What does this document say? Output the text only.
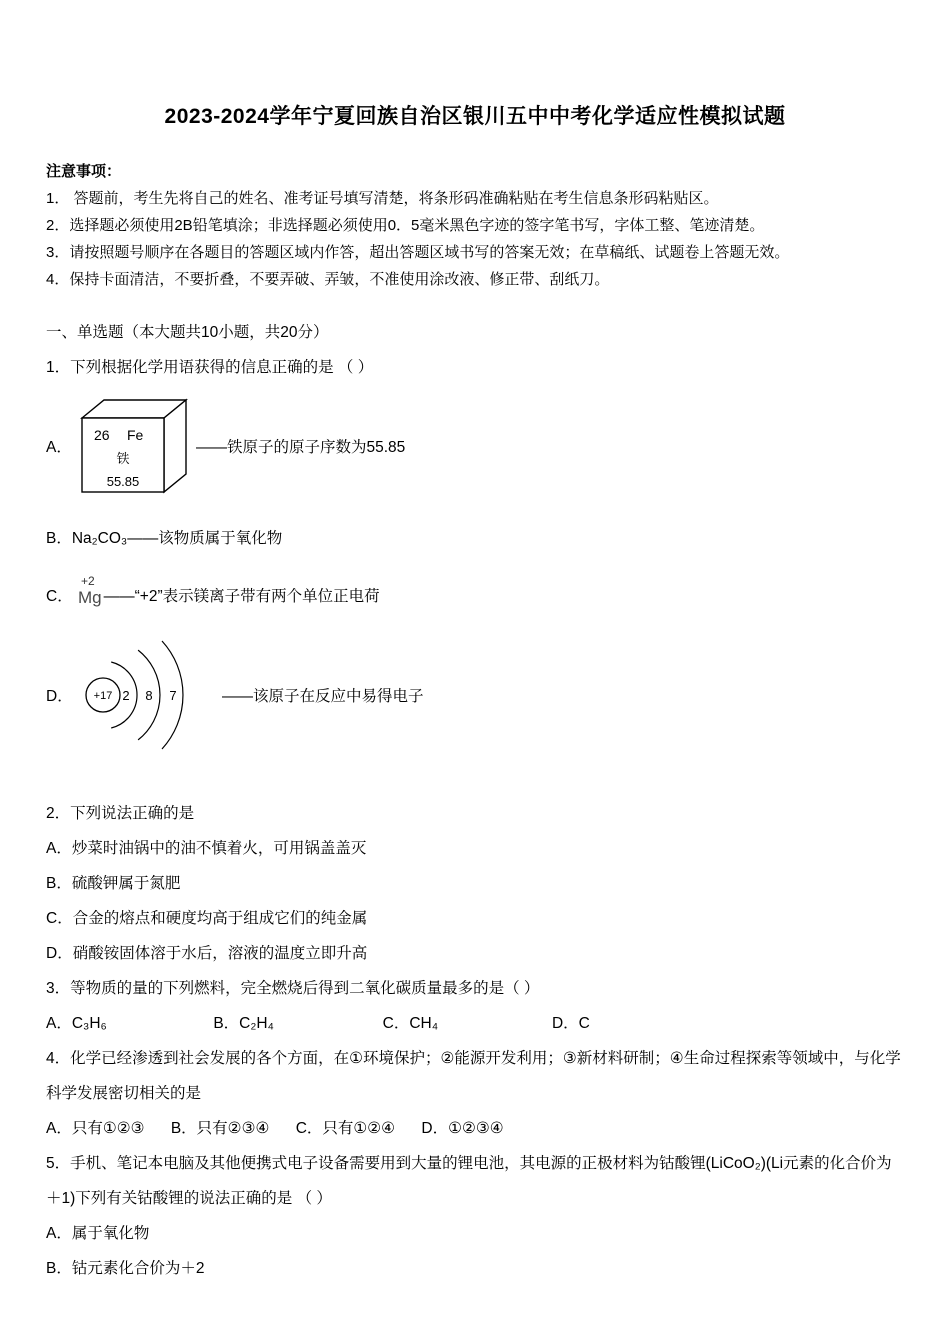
2023-2024学年宁夏回族自治区银川五中中考化学适应性模拟试题
注意事项：
1． 答题前，考生先将自己的姓名、准考证号填写清楚，将条形码准确粘贴在考生信息条形码粘贴区。
2．选择题必须使用2B铅笔填涂；非选择题必须使用0．5毫米黑色字迹的签字笔书写，字体工整、笔迹清楚。
3．请按照题号顺序在各题目的答题区域内作答，超出答题区域书写的答案无效；在草稿纸、试题卷上答题无效。
4．保持卡面清洁，不要折叠，不要弄破、弄皱，不准使用涂改液、修正带、刮纸刀。
一、单选题（本大题共10小题，共20分）
1．下列根据化学用语获得的信息正确的是 （ ）
A．
26 Fe
铁
55.85
——铁原子的原子序数为55.85
B．Na₂CO₃——该物质属于氧化物
C．
+2
Mg ——“+2”表示镁离子带有两个单位正电荷
D．	+17 2 8 7	——该原子在反应中易得电子
2．下列说法正确的是
A．炒菜时油锅中的油不慎着火，可用锅盖盖灭
B．硫酸钾属于氮肥
C．合金的熔点和硬度均高于组成它们的纯金属
D．硝酸铵固体溶于水后，溶液的温度立即升高
3．等物质的量的下列燃料，完全燃烧后得到二氧化碳质量最多的是（ ）
A．C₃H₆	B．C₂H₄	C．CH₄	D．C
4．化学已经渗透到社会发展的各个方面，在①环境保护；②能源开发利用；③新材料研制；④生命过程探索等领域中，与化学科学发展密切相关的是
A．只有①②③ B．只有②③④ C．只有①②④ D．①②③④
5．手机、笔记本电脑及其他便携式电子设备需要用到大量的锂电池，其电源的正极材料为钴酸锂(LiCoO₂)(Li元素的化合价为＋1)下列有关钴酸锂的说法正确的是 （ ）
A．属于氧化物
B．钴元素化合价为＋2
